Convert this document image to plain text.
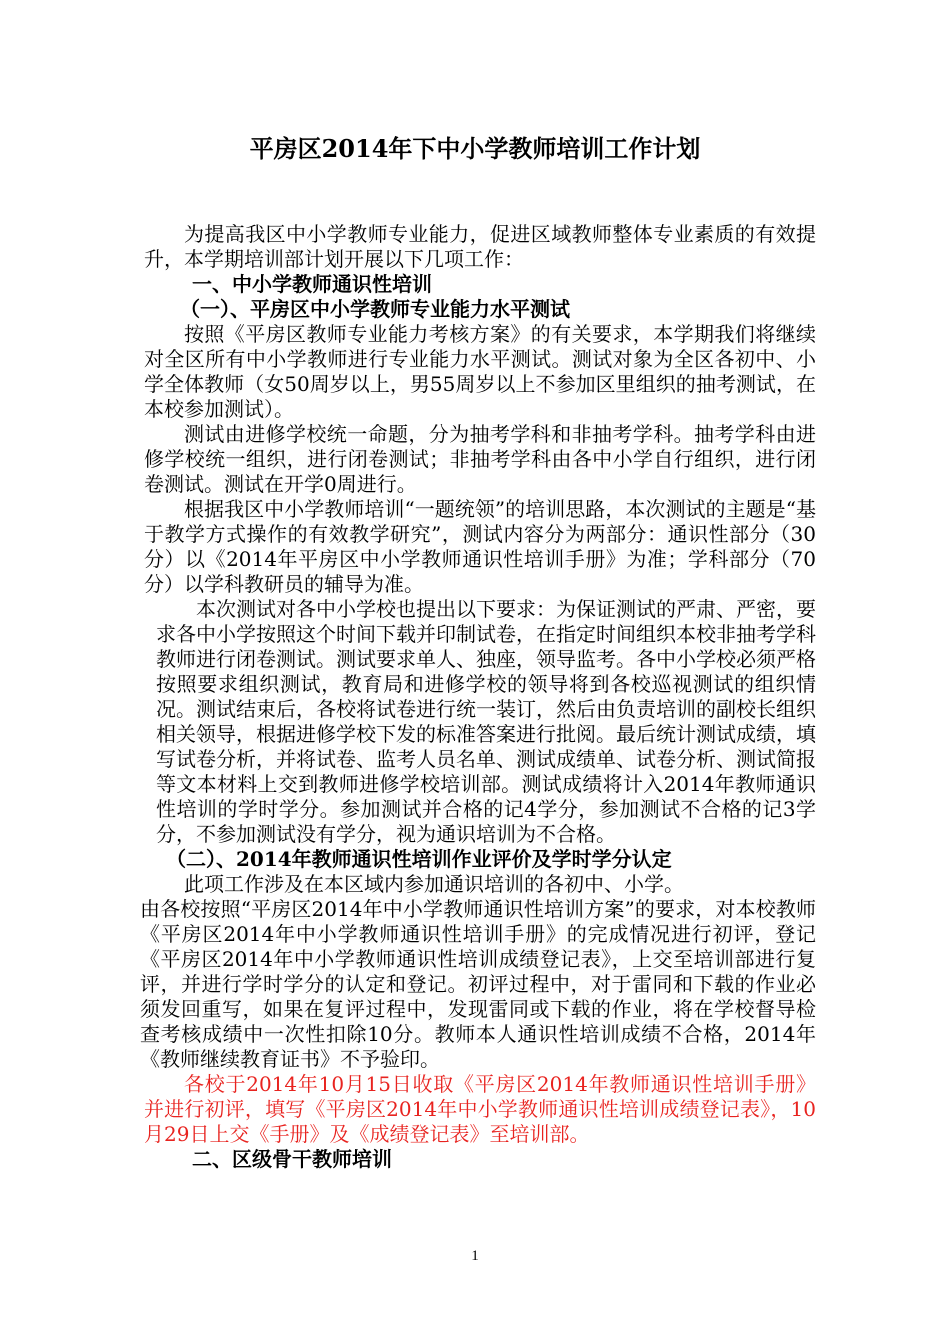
平房区2014年下中小学教师培训工作计划

为提高我区中小学教师专业能力，促进区域教师整体专业素质的有效提升，本学期培训部计划开展以下几项工作：

一、中小学教师通识性培训

（一）、平房区中小学教师专业能力水平测试

按照《平房区教师专业能力考核方案》的有关要求，本学期我们将继续对全区所有中小学教师进行专业能力水平测试。测试对象为全区各初中、小学全体教师（女50周岁以上，男55周岁以上不参加区里组织的抽考测试，在本校参加测试）。

测试由进修学校统一命题，分为抽考学科和非抽考学科。抽考学科由进修学校统一组织，进行闭卷测试；非抽考学科由各中小学自行组织，进行闭卷测试。测试在开学0周进行。

根据我区中小学教师培训“一题统领”的培训思路，本次测试的主题是“基于教学方式操作的有效教学研究”，测试内容分为两部分：通识性部分（30分）以《2014年平房区中小学教师通识性培训手册》为准；学科部分（70分）以学科教研员的辅导为准。

本次测试对各中小学校也提出以下要求：为保证测试的严肃、严密，要求各中小学按照这个时间下载并印制试卷，在指定时间组织本校非抽考学科教师进行闭卷测试。测试要求单人、独座，领导监考。各中小学校必须严格按照要求组织测试，教育局和进修学校的领导将到各校巡视测试的组织情况。测试结束后，各校将试卷进行统一装订，然后由负责培训的副校长组织相关领导，根据进修学校下发的标准答案进行批阅。最后统计测试成绩，填写试卷分析，并将试卷、监考人员名单、测试成绩单、试卷分析、测试简报等文本材料上交到教师进修学校培训部。测试成绩将计入2014年教师通识性培训的学时学分。参加测试并合格的记4学分，参加测试不合格的记3学分，不参加测试没有学分，视为通识培训为不合格。

（二）、2014年教师通识性培训作业评价及学时学分认定

此项工作涉及在本区域内参加通识培训的各初中、小学。

由各校按照“平房区2014年中小学教师通识性培训方案”的要求，对本校教师《平房区2014年中小学教师通识性培训手册》的完成情况进行初评，登记《平房区2014年中小学教师通识性培训成绩登记表》，上交至培训部进行复评，并进行学时学分的认定和登记。初评过程中，对于雷同和下载的作业必须发回重写，如果在复评过程中，发现雷同或下载的作业，将在学校督导检查考核成绩中一次性扣除10分。教师本人通识性培训成绩不合格，2014年《教师继续教育证书》不予验印。

各校于2014年10月15日收取《平房区2014年教师通识性培训手册》并进行初评，填写《平房区2014年中小学教师通识性培训成绩登记表》，10月29日上交《手册》及《成绩登记表》至培训部。

二、区级骨干教师培训

1
